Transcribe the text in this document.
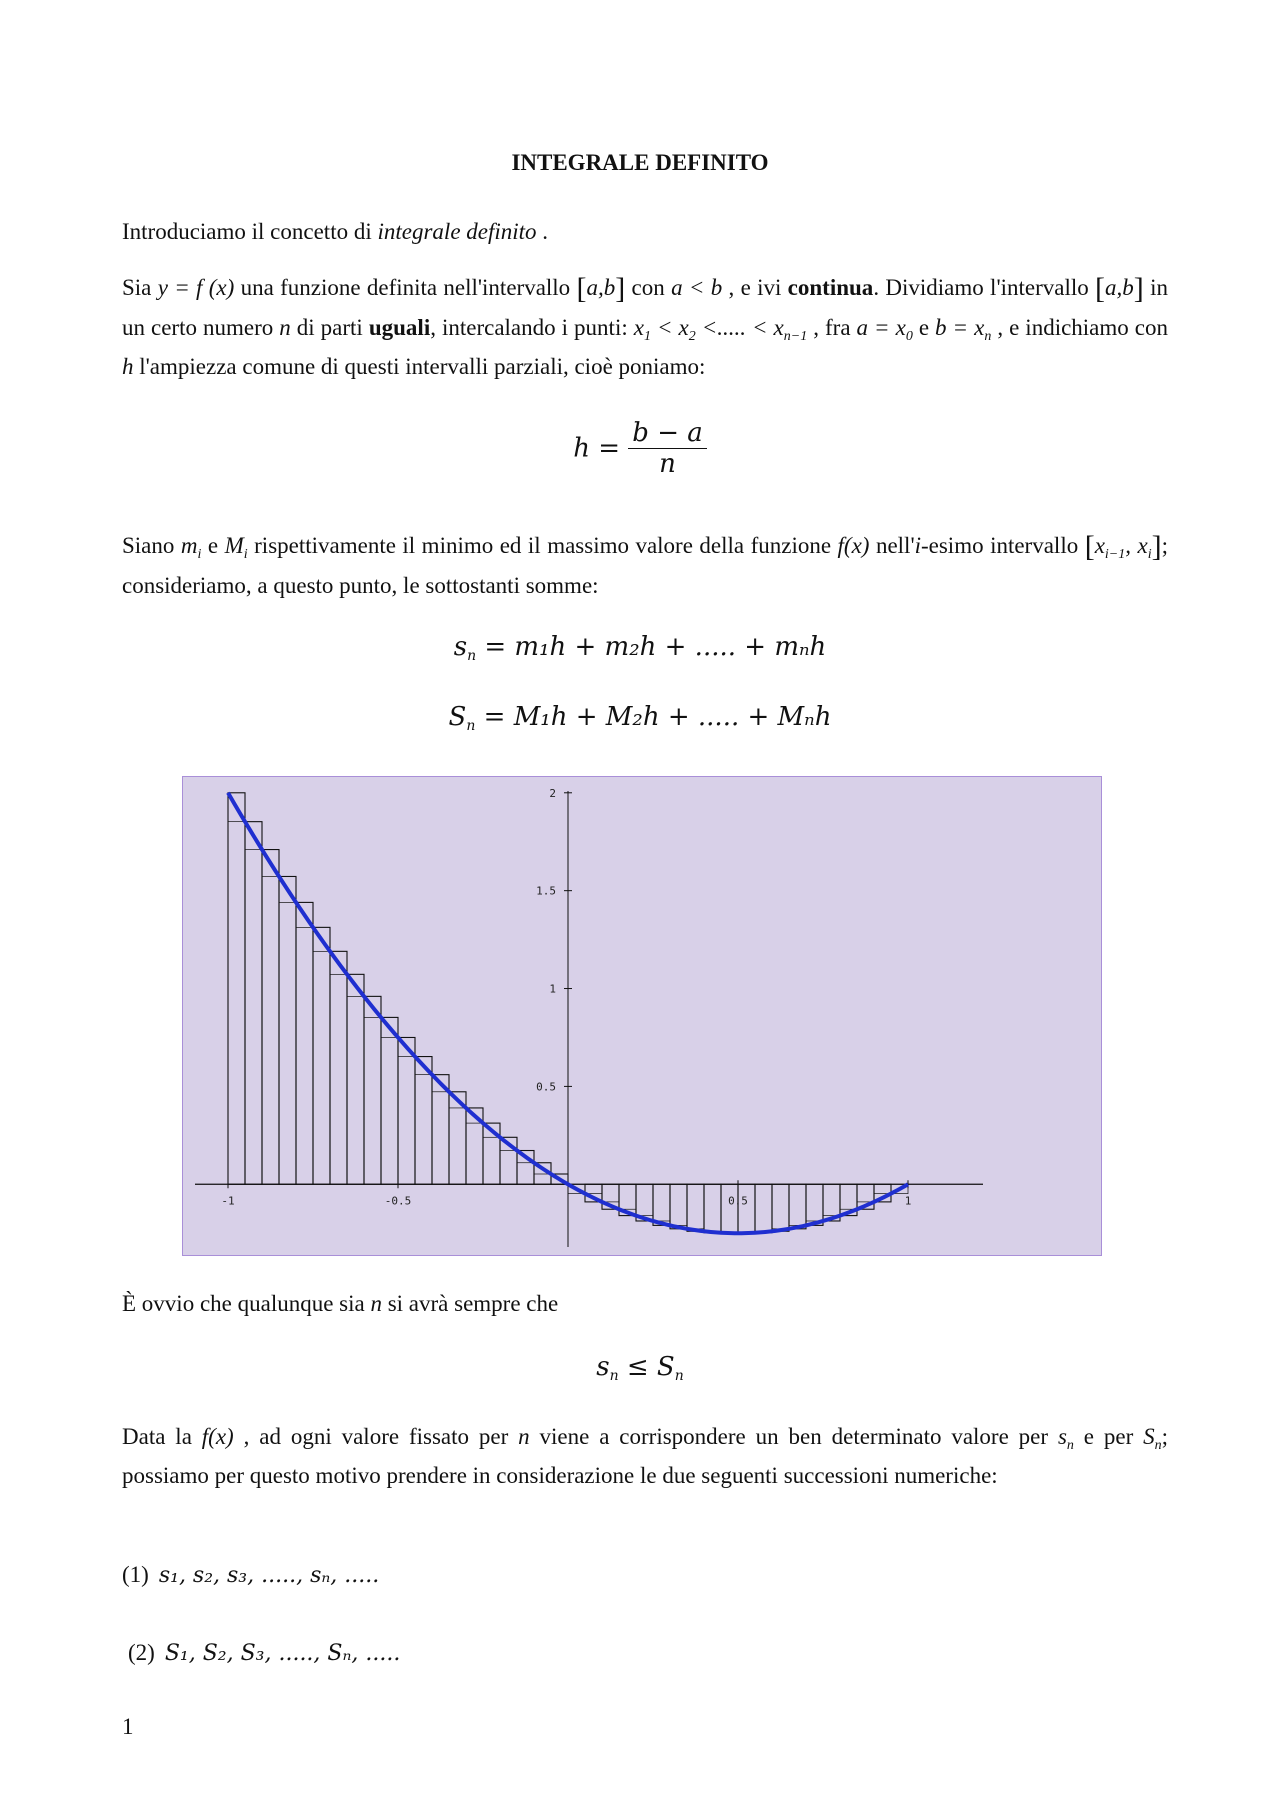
INTEGRALE DEFINITO

Introduciamo il concetto di integrale definito .

Sia y = f (x) una funzione definita nell'intervallo [a,b] con a < b , e ivi continua. Dividiamo l'intervallo [a,b] in un certo numero n di parti uguali, intercalando i punti: $x_1 < x_2$ <..... < $x_{n-1}$ , fra $a = x_0$ e $b = x_n$ , e indichiamo con h l'ampiezza comune di questi intervalli parziali, cioè poniamo:

$h = \frac{b - a}{n}$

Siano $m_i$ e $M_i$ rispettivamente il minimo ed il massimo valore della funzione f(x) nell'i-esimo intervallo [$x_{i-1}$, $x_i$]; consideriamo, a questo punto, le sottostanti somme:

$s_n = m_1h + m_2h$ + ..... + mₙh
$S_n = M_1h + M_2h$ + ..... + Mₙh
-1	-0.5	0.5	1
0.5
1
1.5
2

È ovvio che qualunque sia n si avrà sempre che

$s_n \le S_n$

Data la f(x) , ad ogni valore fissato per n viene a corrispondere un ben determinato valore per $s_n$ e per $S_n$; possiamo per questo motivo prendere in considerazione le due seguenti successioni numeriche:

(1) s₁, s₂, s₃, ....., sₙ, .....
(2) S₁, S₂, S₃, ....., Sₙ, .....
1
